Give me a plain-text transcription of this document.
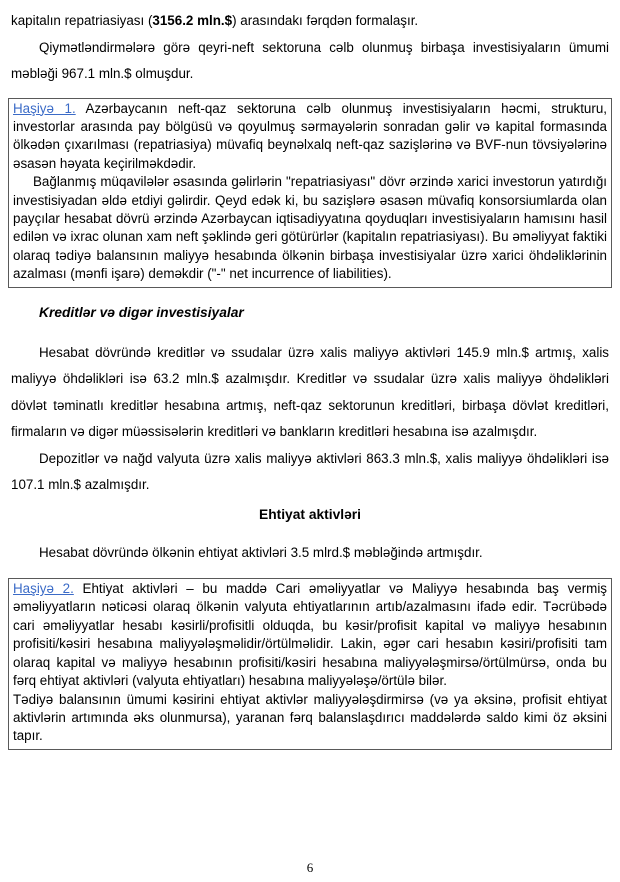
kapitalın repatriasiyası (3156.2 mln.$) arasındakı fərqdən formalaşır.

Qiymətləndirmələrə görə qeyri-neft sektoruna cəlb olunmuş birbaşa investisiyaların ümumi məbləği 967.1 mln.$ olmuşdur.

Haşiyə 1. Azərbaycanın neft-qaz sektoruna cəlb olunmuş investisiyaların həcmi, strukturu, investorlar arasında pay bölgüsü və qoyulmuş sərmayələrin sonradan gəlir və kapital formasında ölkədən çıxarılması (repatriasiya) müvafiq beynəlxalq neft-qaz sazişlərinə və BVF-nun tövsiyələrinə əsasən həyata keçirilməkdədir.

Bağlanmış müqavilələr əsasında gəlirlərin "repatriasiyası" dövr ərzində xarici investorun yatırdığı investisiyadan əldə etdiyi gəlirdir. Qeyd edək ki, bu sazişlərə əsasən müvafiq konsorsiumlarda olan payçılar hesabat dövrü ərzində Azərbaycan iqtisadiyyatına qoyduqları investisiyaların hamısını hasil edilən və ixrac olunan xam neft şəklində geri götürürlər (kapitalın repatriasiyası). Bu əməliyyat faktiki olaraq tədiyə balansının maliyyə hesabında ölkənin birbaşa investisiyalar üzrə xarici öhdəliklərinin azalması (mənfi işarə) deməkdir ("-" net incurrence of liabilities).

Kreditlər və digər investisiyalar

Hesabat dövründə kreditlər və ssudalar üzrə xalis maliyyə aktivləri 145.9 mln.$ artmış, xalis maliyyə öhdəlikləri isə 63.2 mln.$ azalmışdır. Kreditlər və ssudalar üzrə xalis maliyyə öhdəlikləri dövlət təminatlı kreditlər hesabına artmış, neft-qaz sektorunun kreditləri, birbaşa dövlət kreditləri, firmaların və digər müəssisələrin kreditləri və bankların kreditləri hesabına isə azalmışdır.

Depozitlər və nağd valyuta üzrə xalis maliyyə aktivləri 863.3 mln.$, xalis maliyyə öhdəlikləri isə 107.1 mln.$ azalmışdır.

Ehtiyat aktivləri

Hesabat dövründə ölkənin ehtiyat aktivləri 3.5 mlrd.$ məbləğində artmışdır.

Haşiyə 2. Ehtiyat aktivləri – bu maddə Cari əməliyyatlar və Maliyyə hesabında baş vermiş əməliyyatların nəticəsi olaraq ölkənin valyuta ehtiyatlarının artıb/azalmasını ifadə edir. Təcrübədə cari əməliyyatlar hesabı kəsirli/profisitli olduqda, bu kəsir/profisit kapital və maliyyə hesabının profisiti/kəsiri hesabına maliyyələşməlidir/örtülməlidir. Lakin, əgər cari hesabın kəsiri/profisiti tam olaraq kapital və maliyyə hesabının profisiti/kəsiri hesabına maliyyələşmirsə/örtülmürsə, onda bu fərq ehtiyat aktivləri (valyuta ehtiyatları) hesabına maliyyələşə/örtülə bilər.

Tədiyə balansının ümumi kəsirini ehtiyat aktivlər maliyyələşdirmirsə (və ya əksinə, profisit ehtiyat aktivlərin artımında əks olunmursa), yaranan fərq balanslaşdırıcı maddələrdə saldo kimi öz əksini tapır.

6
